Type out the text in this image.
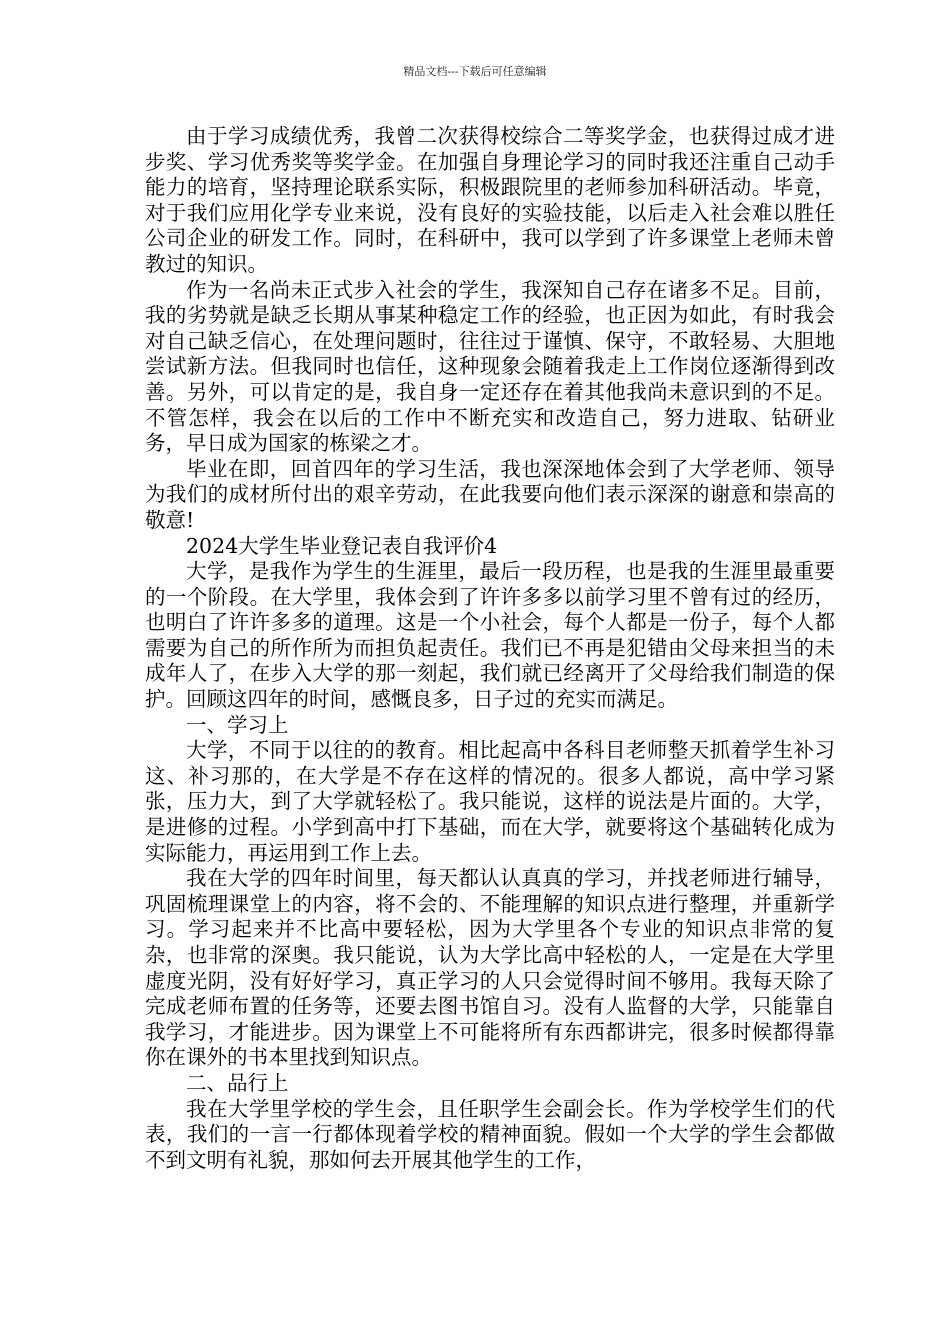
精品文档---下载后可任意编辑

由于学习成绩优秀，我曾二次获得校综合二等奖学金，也获得过成才进步奖、学习优秀奖等奖学金。在加强自身理论学习的同时我还注重自己动手能力的培育，坚持理论联系实际，积极跟院里的老师参加科研活动。毕竟，对于我们应用化学专业来说，没有良好的实验技能，以后走入社会难以胜任公司企业的研发工作。同时，在科研中，我可以学到了许多课堂上老师未曾教过的知识。

作为一名尚未正式步入社会的学生，我深知自己存在诸多不足。目前，我的劣势就是缺乏长期从事某种稳定工作的经验，也正因为如此，有时我会对自己缺乏信心，在处理问题时，往往过于谨慎、保守，不敢轻易、大胆地尝试新方法。但我同时也信任，这种现象会随着我走上工作岗位逐渐得到改善。另外，可以肯定的是，我自身一定还存在着其他我尚未意识到的不足。不管怎样，我会在以后的工作中不断充实和改造自己，努力进取、钻研业务，早日成为国家的栋梁之才。

毕业在即，回首四年的学习生活，我也深深地体会到了大学老师、领导为我们的成材所付出的艰辛劳动，在此我要向他们表示深深的谢意和崇高的敬意!

2024大学生毕业登记表自我评价4

大学，是我作为学生的生涯里，最后一段历程，也是我的生涯里最重要的一个阶段。在大学里，我体会到了许许多多以前学习里不曾有过的经历，也明白了许许多多的道理。这是一个小社会，每个人都是一份子，每个人都需要为自己的所作所为而担负起责任。我们已不再是犯错由父母来担当的未成年人了，在步入大学的那一刻起，我们就已经离开了父母给我们制造的保护。回顾这四年的时间，感慨良多，日子过的充实而满足。

一、学习上

大学，不同于以往的的教育。相比起高中各科目老师整天抓着学生补习这、补习那的，在大学是不存在这样的情况的。很多人都说，高中学习紧张，压力大，到了大学就轻松了。我只能说，这样的说法是片面的。大学，是进修的过程。小学到高中打下基础，而在大学，就要将这个基础转化成为实际能力，再运用到工作上去。

我在大学的四年时间里，每天都认认真真的学习，并找老师进行辅导，巩固梳理课堂上的内容，将不会的、不能理解的知识点进行整理，并重新学习。学习起来并不比高中要轻松，因为大学里各个专业的知识点非常的复杂，也非常的深奥。我只能说，认为大学比高中轻松的人，一定是在大学里虚度光阴，没有好好学习，真正学习的人只会觉得时间不够用。我每天除了完成老师布置的任务等，还要去图书馆自习。没有人监督的大学，只能靠自我学习，才能进步。因为课堂上不可能将所有东西都讲完，很多时候都得靠你在课外的书本里找到知识点。

二、品行上

我在大学里学校的学生会，且任职学生会副会长。作为学校学生们的代表，我们的一言一行都体现着学校的精神面貌。假如一个大学的学生会都做不到文明有礼貌，那如何去开展其他学生的工作，
